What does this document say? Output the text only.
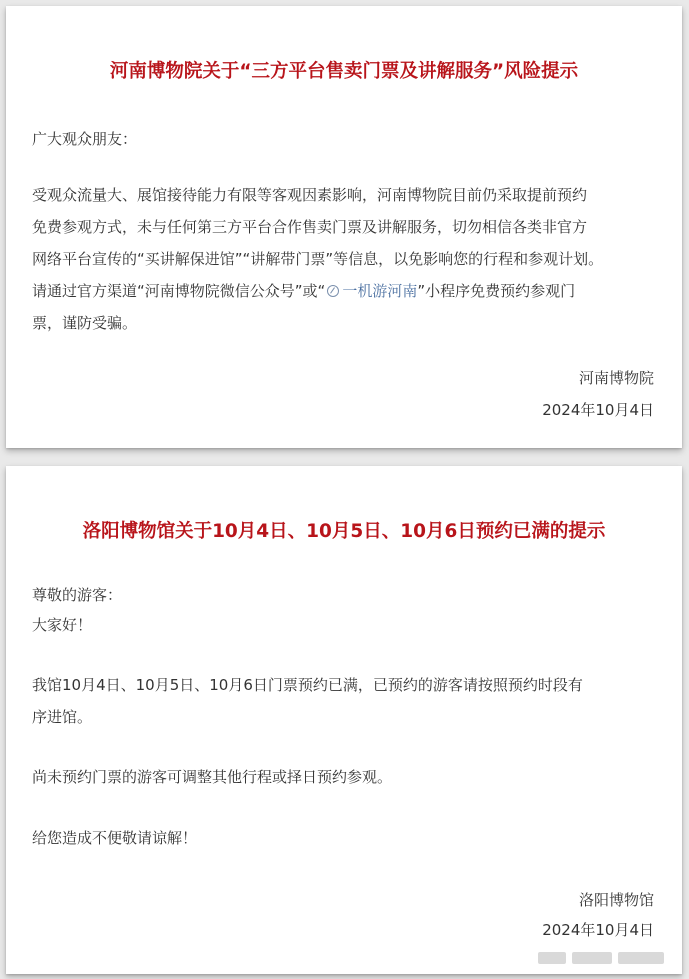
河南博物院关于“三方平台售卖门票及讲解服务”风险提示
广大观众朋友：
受观众流量大、展馆接待能力有限等客观因素影响，河南博物院目前仍采取提前预约
免费参观方式，未与任何第三方平台合作售卖门票及讲解服务，切勿相信各类非官方
网络平台宣传的“买讲解保进馆”“讲解带门票”等信息，以免影响您的行程和参观计划。
请通过官方渠道“河南博物院微信公众号”或“ 一机游河南”小程序免费预约参观门
票，谨防受骗。
河南博物院
2024年10月4日
洛阳博物馆关于10月4日、10月5日、10月6日预约已满的提示
尊敬的游客：
大家好！
我馆10月4日、10月5日、10月6日门票预约已满，已预约的游客请按照预约时段有
序进馆。
尚未预约门票的游客可调整其他行程或择日预约参观。
给您造成不便敬请谅解！
洛阳博物馆
2024年10月4日
